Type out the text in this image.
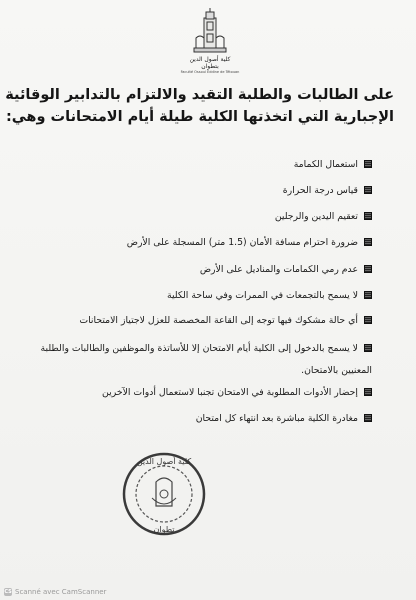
كلية أصول الدين بتطوان
Faculté Ossoul Eddine de Tétouan
على الطالبات والطلبة التقيد والالتزام بالتدابير الوقائية
الإجبارية التي اتخذتها الكلية طيلة أيام الامتحانات وهي:
استعمال الكمامة
قياس درجة الحرارة
تعقيم اليدين والرجلين
ضرورة احترام مسافة الأمان (1.5 متر) المسجلة على الأرض
عدم رمي الكمامات والمناديل على الأرض
لا يسمح بالتجمعات في الممرات وفي ساحة الكلية
أي حالة مشكوك فيها توجه إلى القاعة المخصصة للعزل لاجتياز الامتحانات
لا يسمح بالدخول إلى الكلية أيام الامتحان إلا للأساتذة والموظفين والطالبات والطلبة المعنيين بالامتحان.
إحضار الأدوات المطلوبة في الامتحان تجنبا لاستعمال أدوات الآخرين
مغادرة الكلية مباشرة بعد انتهاء كل امتحان
كلية أصول الدين
تطوان
CS Scanné avec CamScanner
